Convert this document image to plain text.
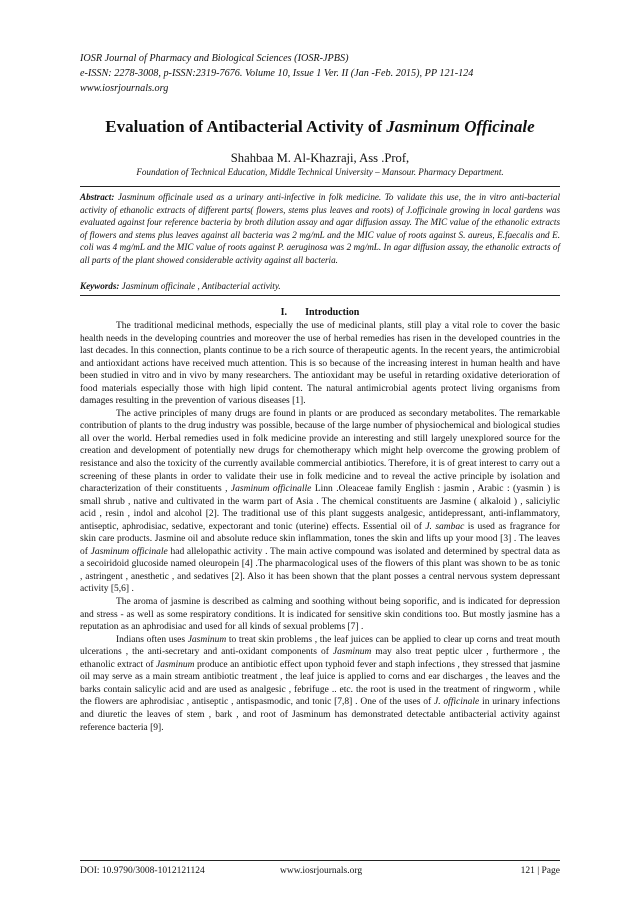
IOSR Journal of Pharmacy and Biological Sciences (IOSR-JPBS)
e-ISSN: 2278-3008, p-ISSN:2319-7676. Volume 10, Issue 1 Ver. II (Jan -Feb. 2015), PP 121-124
www.iosrjournals.org
Evaluation of Antibacterial Activity of Jasminum Officinale
Shahbaa M. Al-Khazraji, Ass .Prof,
Foundation of Technical Education, Middle Technical University – Mansour. Pharmacy Department.
Abstract: Jasminum officinale used as a urinary anti-infective in folk medicine. To validate this use, the in vitro anti-bacterial activity of ethanolic extracts of different parts( flowers, stems plus leaves and roots) of J.officinale growing in local gardens was evaluated against four reference bacteria by broth dilution assay and agar diffusion assay. The MIC value of the ethanolic extracts of flowers and stems plus leaves against all bacteria was 2 mg/mL and the MIC value of roots against S. aureus, E.faecalis and E. coli was 4 mg/mL and the MIC value of roots against P. aeruginosa was 2 mg/mL. In agar diffusion assay, the ethanolic extracts of all parts of the plant showed considerable activity against all bacteria.
Keywords: Jasminum officinale , Antibacterial activity.
I. Introduction

The traditional medicinal methods, especially the use of medicinal plants, still play a vital role to cover the basic health needs in the developing countries and moreover the use of herbal remedies has risen in the developed countries in the last decades. In this connection, plants continue to be a rich source of therapeutic agents. In the recent years, the antimicrobial and antioxidant actions have received much attention. This is so because of the increasing interest in human health and have been studied in vitro and in vivo by many researchers. The antioxidant may be useful in retarding oxidative deterioration of food materials especially those with high lipid content. The natural antimicrobial agents protect living organisms from damages resulting in the prevention of various diseases [1].

The active principles of many drugs are found in plants or are produced as secondary metabolites. The remarkable contribution of plants to the drug industry was possible, because of the large number of physiochemical and biological studies all over the world. Herbal remedies used in folk medicine provide an interesting and still largely unexplored source for the creation and development of potentially new drugs for chemotherapy which might help overcome the growing problem of resistance and also the toxicity of the currently available commercial antibiotics. Therefore, it is of great interest to carry out a screening of these plants in order to validate their use in folk medicine and to reveal the active principle by isolation and characterization of their constituents , Jasminum officinalle Linn .Oleaceae family English : jasmin , Arabic : (yasmin ) is small shrub , native and cultivated in the warm part of Asia . The chemical constituents are Jasmine ( alkaloid ) , saliciylic acid , resin , indol and alcohol [2]. The traditional use of this plant suggests analgesic, antidepressant, anti-inflammatory, antiseptic, aphrodisiac, sedative, expectorant and tonic (uterine) effects. Essential oil of J. sambac is used as fragrance for skin care products. Jasmine oil and absolute reduce skin inflammation, tones the skin and lifts up your mood [3] . The leaves of Jasminum officinale had allelopathic activity . The main active compound was isolated and determined by spectral data as a secoiridoid glucoside named oleuropein [4] .The pharmacological uses of the flowers of this plant was shown to be as tonic , astringent , anesthetic , and sedatives [2]. Also it has been shown that the plant posses a central nervous system depressant activity [5,6] .

The aroma of jasmine is described as calming and soothing without being soporific, and is indicated for depression and stress - as well as some respiratory conditions. It is indicated for sensitive skin conditions too. But mostly jasmine has a reputation as an aphrodisiac and used for all kinds of sexual problems [7] .

Indians often uses Jasminum to treat skin problems , the leaf juices can be applied to clear up corns and treat mouth ulcerations , the anti-secretary and anti-oxidant components of Jasminum may also treat peptic ulcer , furthermore , the ethanolic extract of Jasminum produce an antibiotic effect upon typhoid fever and staph infections , they stressed that jasmine oil may serve as a main stream antibiotic treatment , the leaf juice is applied to corns and ear discharges , the leaves and the barks contain salicylic acid and are used as analgesic , febrifuge .. etc. the root is used in the treatment of ringworm , while the flowers are aphrodisiac , antiseptic , antispasmodic, and tonic [7,8] . One of the uses of J. officinale in urinary infections and diuretic the leaves of stem , bark , and root of Jasminum has demonstrated detectable antibacterial activity against reference bacteria [9].

DOI: 10.9790/3008-1012121124	www.iosrjournals.org	121 | Page
